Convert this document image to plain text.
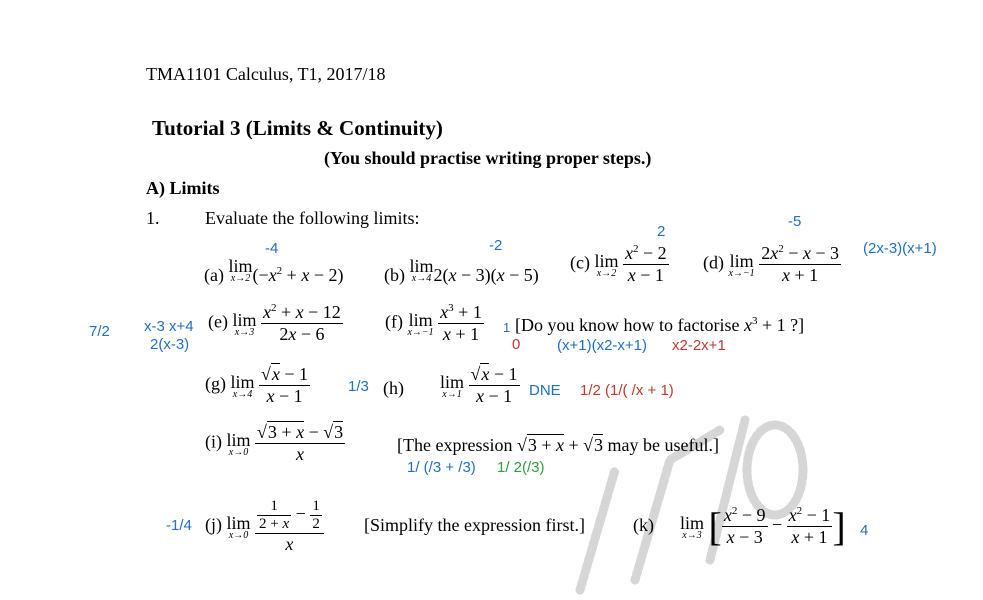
TMA1101 Calculus, T1, 2017/18
Tutorial 3 (Limits & Continuity)
(You should practise writing proper steps.)
A) Limits
1.	Evaluate the following limits:
(a) lim
x→2 $(-x^2 + x - 2)$ (b) lim
x→4 2(x − 3)(x − 5)
(c) lim
x→2
$\frac{x^2 - 2}{x - 1} (d)$ lim
x→−1
$\frac{2x^2 - x - 3}{x + 1}$
-4	-2
2
-5
(2x-3)(x+1)
7/2 x-3 x+4
2(x-3)
(e) lim
x→3
$\frac{x^2 + x - 12}{2x - 6} (f)$ lim
x→−1
$\frac{x^3 + 1}{x + 1} 1$
0
[Do you know how to factorise $x^3 + 1$ ?]
(x+1)(x2-x+1) x2-2x+1
(g) lim
x→4
$\frac{√x - 1}{x - 1}$	1/3 (h) lim
x→1
$\frac{√x - 1}{x - 1}$ DNE 1/2 (1/( /x + 1)
(i) lim
x→0
$\frac{√3 + x - √3}{x}$	[The expression √3 + x + √3 may be useful.]
1/ (/3 + /3) 1/ 2(/3)
-1/4 (j) lim
x→0
$\frac{\frac{1}{2 + x} - \frac{1}{2}}{x}$ [Simplify the expression first.]	(k) lim
x→3 [ $\frac{x^2 - 9}{x - 3} - \frac{x^2 - 1}{x + 1}$ ] 4
